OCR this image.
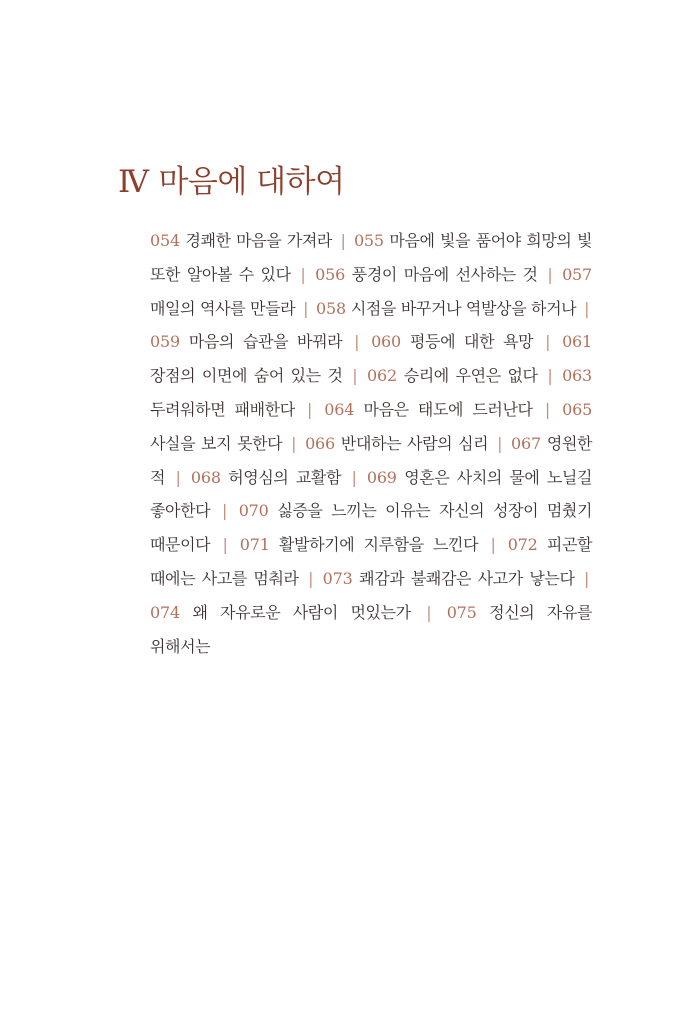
Ⅳ 마음에 대하여

054 경쾌한 마음을 가져라 | 055 마음에 빛을 품어야 희망의 빛 또한 알아볼 수 있다 | 056 풍경이 마음에 선사하는 것 | 057 매일의 역사를 만들라 | 058 시점을 바꾸거나 역발상을 하거나 | 059 마음의 습관을 바꿔라 | 060 평등에 대한 욕망 | 061 장점의 이면에 숨어 있는 것 | 062 승리에 우연은 없다 | 063 두려워하면 패배한다 | 064 마음은 태도에 드러난다 | 065 사실을 보지 못한다 | 066 반대하는 사람의 심리 | 067 영원한 적 | 068 허영심의 교활함 | 069 영혼은 사치의 물에 노닐길 좋아한다 | 070 싫증을 느끼는 이유는 자신의 성장이 멈췄기 때문이다 | 071 활발하기에 지루함을 느낀다 | 072 피곤할 때에는 사고를 멈춰라 | 073 쾌감과 불쾌감은 사고가 낳는다 | 074 왜 자유로운 사람이 멋있는가 | 075 정신의 자유를 위해서는
